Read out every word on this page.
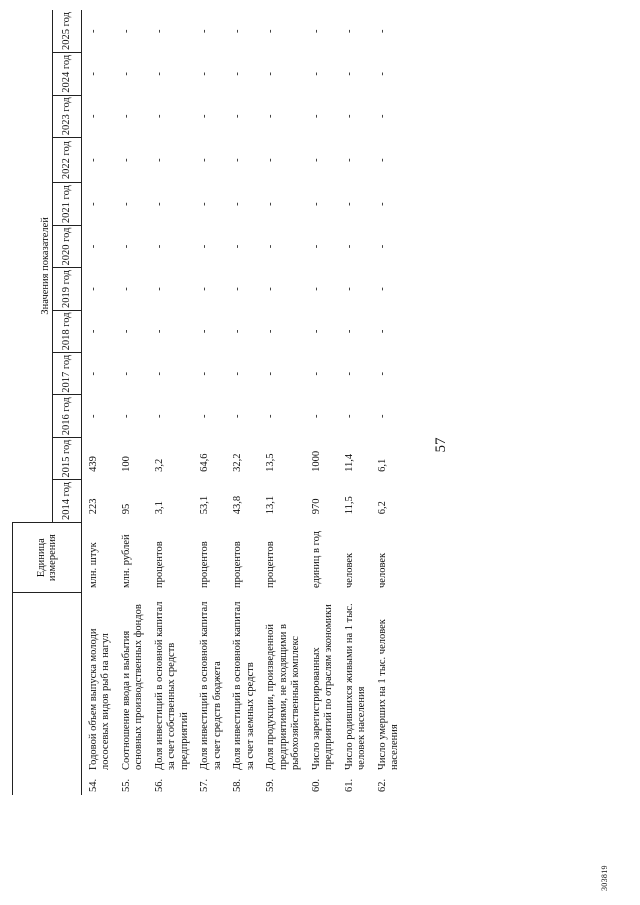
57
	Единица измерения												
		Значения показателей											
		2014 год	2015 год	2016 год	2017 год	2018 год	2019 год	2020 год	2021 год	2022 год	2023 год	2024 год	2025 год
54.Годовой объем выпуска молоди лососевых видов рыб на нагул	млн. штук	223	439	-	-	-	-	-	-	-	-	-	-
55.Соотношение ввода и выбытия основных производственных фондов	млн. рублей	95	100	-	-	-	-	-	-	-	-	-	-
56.Доля инвестиций в основной капитал за счет собственных средств предприятий	процентов	3,1	3,2	-	-	-	-	-	-	-	-	-	-
57.Доля инвестиций в основной капитал за счет средств бюджета	процентов	53,1	64,6	-	-	-	-	-	-	-	-	-	-
58.Доля инвестиций в основной капитал за счет заемных средств	процентов	43,8	32,2	-	-	-	-	-	-	-	-	-	-
59.Доля продукции, произведенной предприятиями, не входящими в рыбохозяйственный комплекс	процентов	13,1	13,5	-	-	-	-	-	-	-	-	-	-
60.Число зарегистрированных предприятий по отраслям экономики	единиц в год	970	1000	-	-	-	-	-	-	-	-	-	-
61.Число родившихся живыми на 1 тыс. человек населения	человек	11,5	11,4	-	-	-	-	-	-	-	-	-	-
62.Число умерших на 1 тыс. человек населения	человек	6,2	6,1	-	-	-	-	-	-	-	-	-	-
303819
